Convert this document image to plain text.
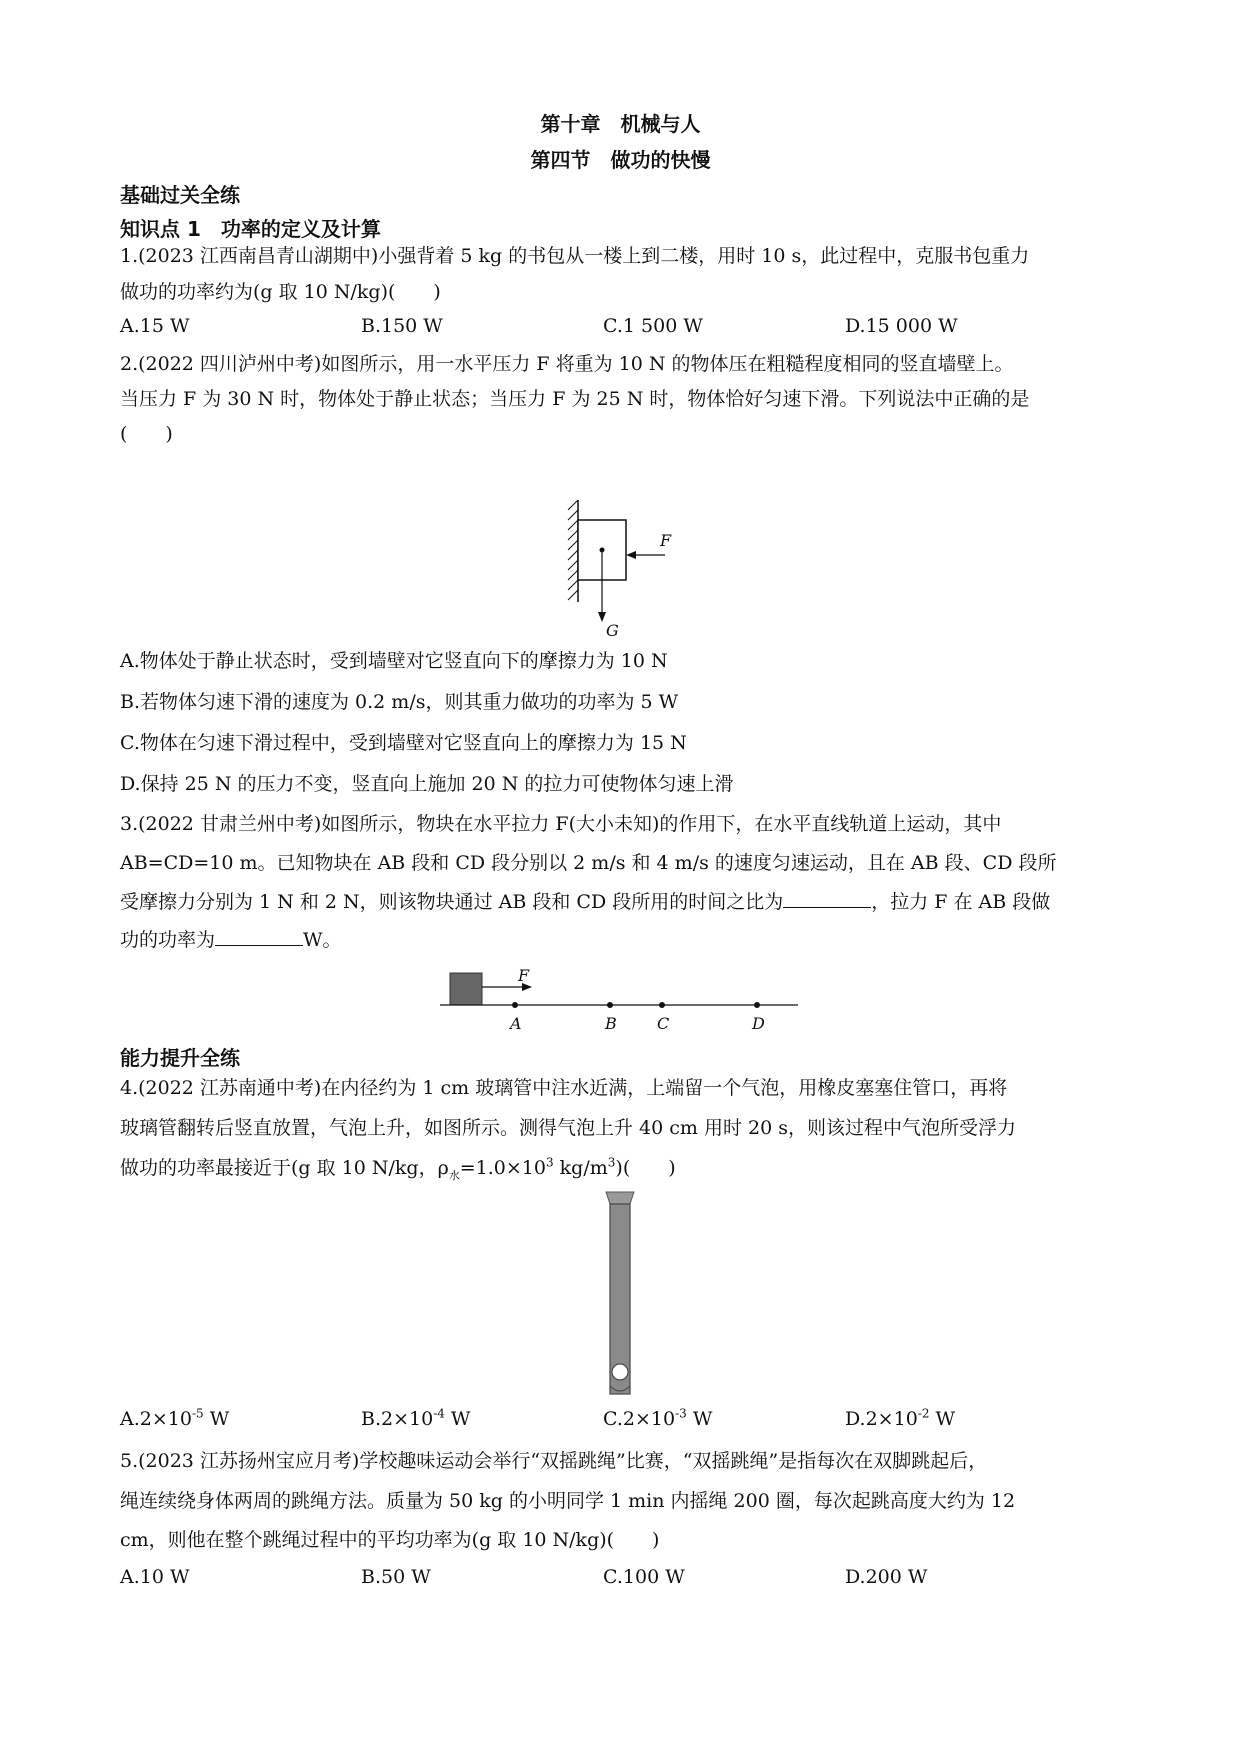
第十章　机械与人
第四节　做功的快慢
基础过关全练
知识点 1　功率的定义及计算
1.(2023 江西南昌青山湖期中)小强背着 5 kg 的书包从一楼上到二楼，用时 10 s，此过程中，克服书包重力
做功的功率约为(g 取 10 N/kg)(　　)
A.15 W	B.150 W	C.1 500 W	D.15 000 W
2.(2022 四川泸州中考)如图所示，用一水平压力 F 将重为 10 N 的物体压在粗糙程度相同的竖直墙壁上。
当压力 F 为 30 N 时，物体处于静止状态；当压力 F 为 25 N 时，物体恰好匀速下滑。下列说法中正确的是
(　　)
F
G
A.物体处于静止状态时，受到墙壁对它竖直向下的摩擦力为 10 N
B.若物体匀速下滑的速度为 0.2 m/s，则其重力做功的功率为 5 W
C.物体在匀速下滑过程中，受到墙壁对它竖直向上的摩擦力为 15 N
D.保持 25 N 的压力不变，竖直向上施加 20 N 的拉力可使物体匀速上滑
3.(2022 甘肃兰州中考)如图所示，物块在水平拉力 F(大小未知)的作用下，在水平直线轨道上运动，其中
AB=CD=10 m。已知物块在 AB 段和 CD 段分别以 2 m/s 和 4 m/s 的速度匀速运动，且在 AB 段、CD 段所
受摩擦力分别为 1 N 和 2 N，则该物块通过 AB 段和 CD 段所用的时间之比为	，拉力 F 在 AB 段做
功的功率为	W。
F
A	B	C	D
能力提升全练
4.(2022 江苏南通中考)在内径约为 1 cm 玻璃管中注水近满，上端留一个气泡，用橡皮塞塞住管口，再将
玻璃管翻转后竖直放置，气泡上升，如图所示。测得气泡上升 40 cm 用时 20 s，则该过程中气泡所受浮力
做功的功率最接近于(g 取 10 N/kg，$\rho_水=1.0\times 10^3$ $kg/m^3$)(　　)
$A.2\times 10^{-5}$ W	$B.2\times 10^{-4}$ W	$C.2\times 10^{-3}$ W	$D.2\times 10^{-2}$ W
5.(2023 江苏扬州宝应月考)学校趣味运动会举行“双摇跳绳”比赛，“双摇跳绳”是指每次在双脚跳起后，
绳连续绕身体两周的跳绳方法。质量为 50 kg 的小明同学 1 min 内摇绳 200 圈，每次起跳高度大约为 12
cm，则他在整个跳绳过程中的平均功率为(g 取 10 N/kg)(　　)
A.10 W	B.50 W	C.100 W	D.200 W
